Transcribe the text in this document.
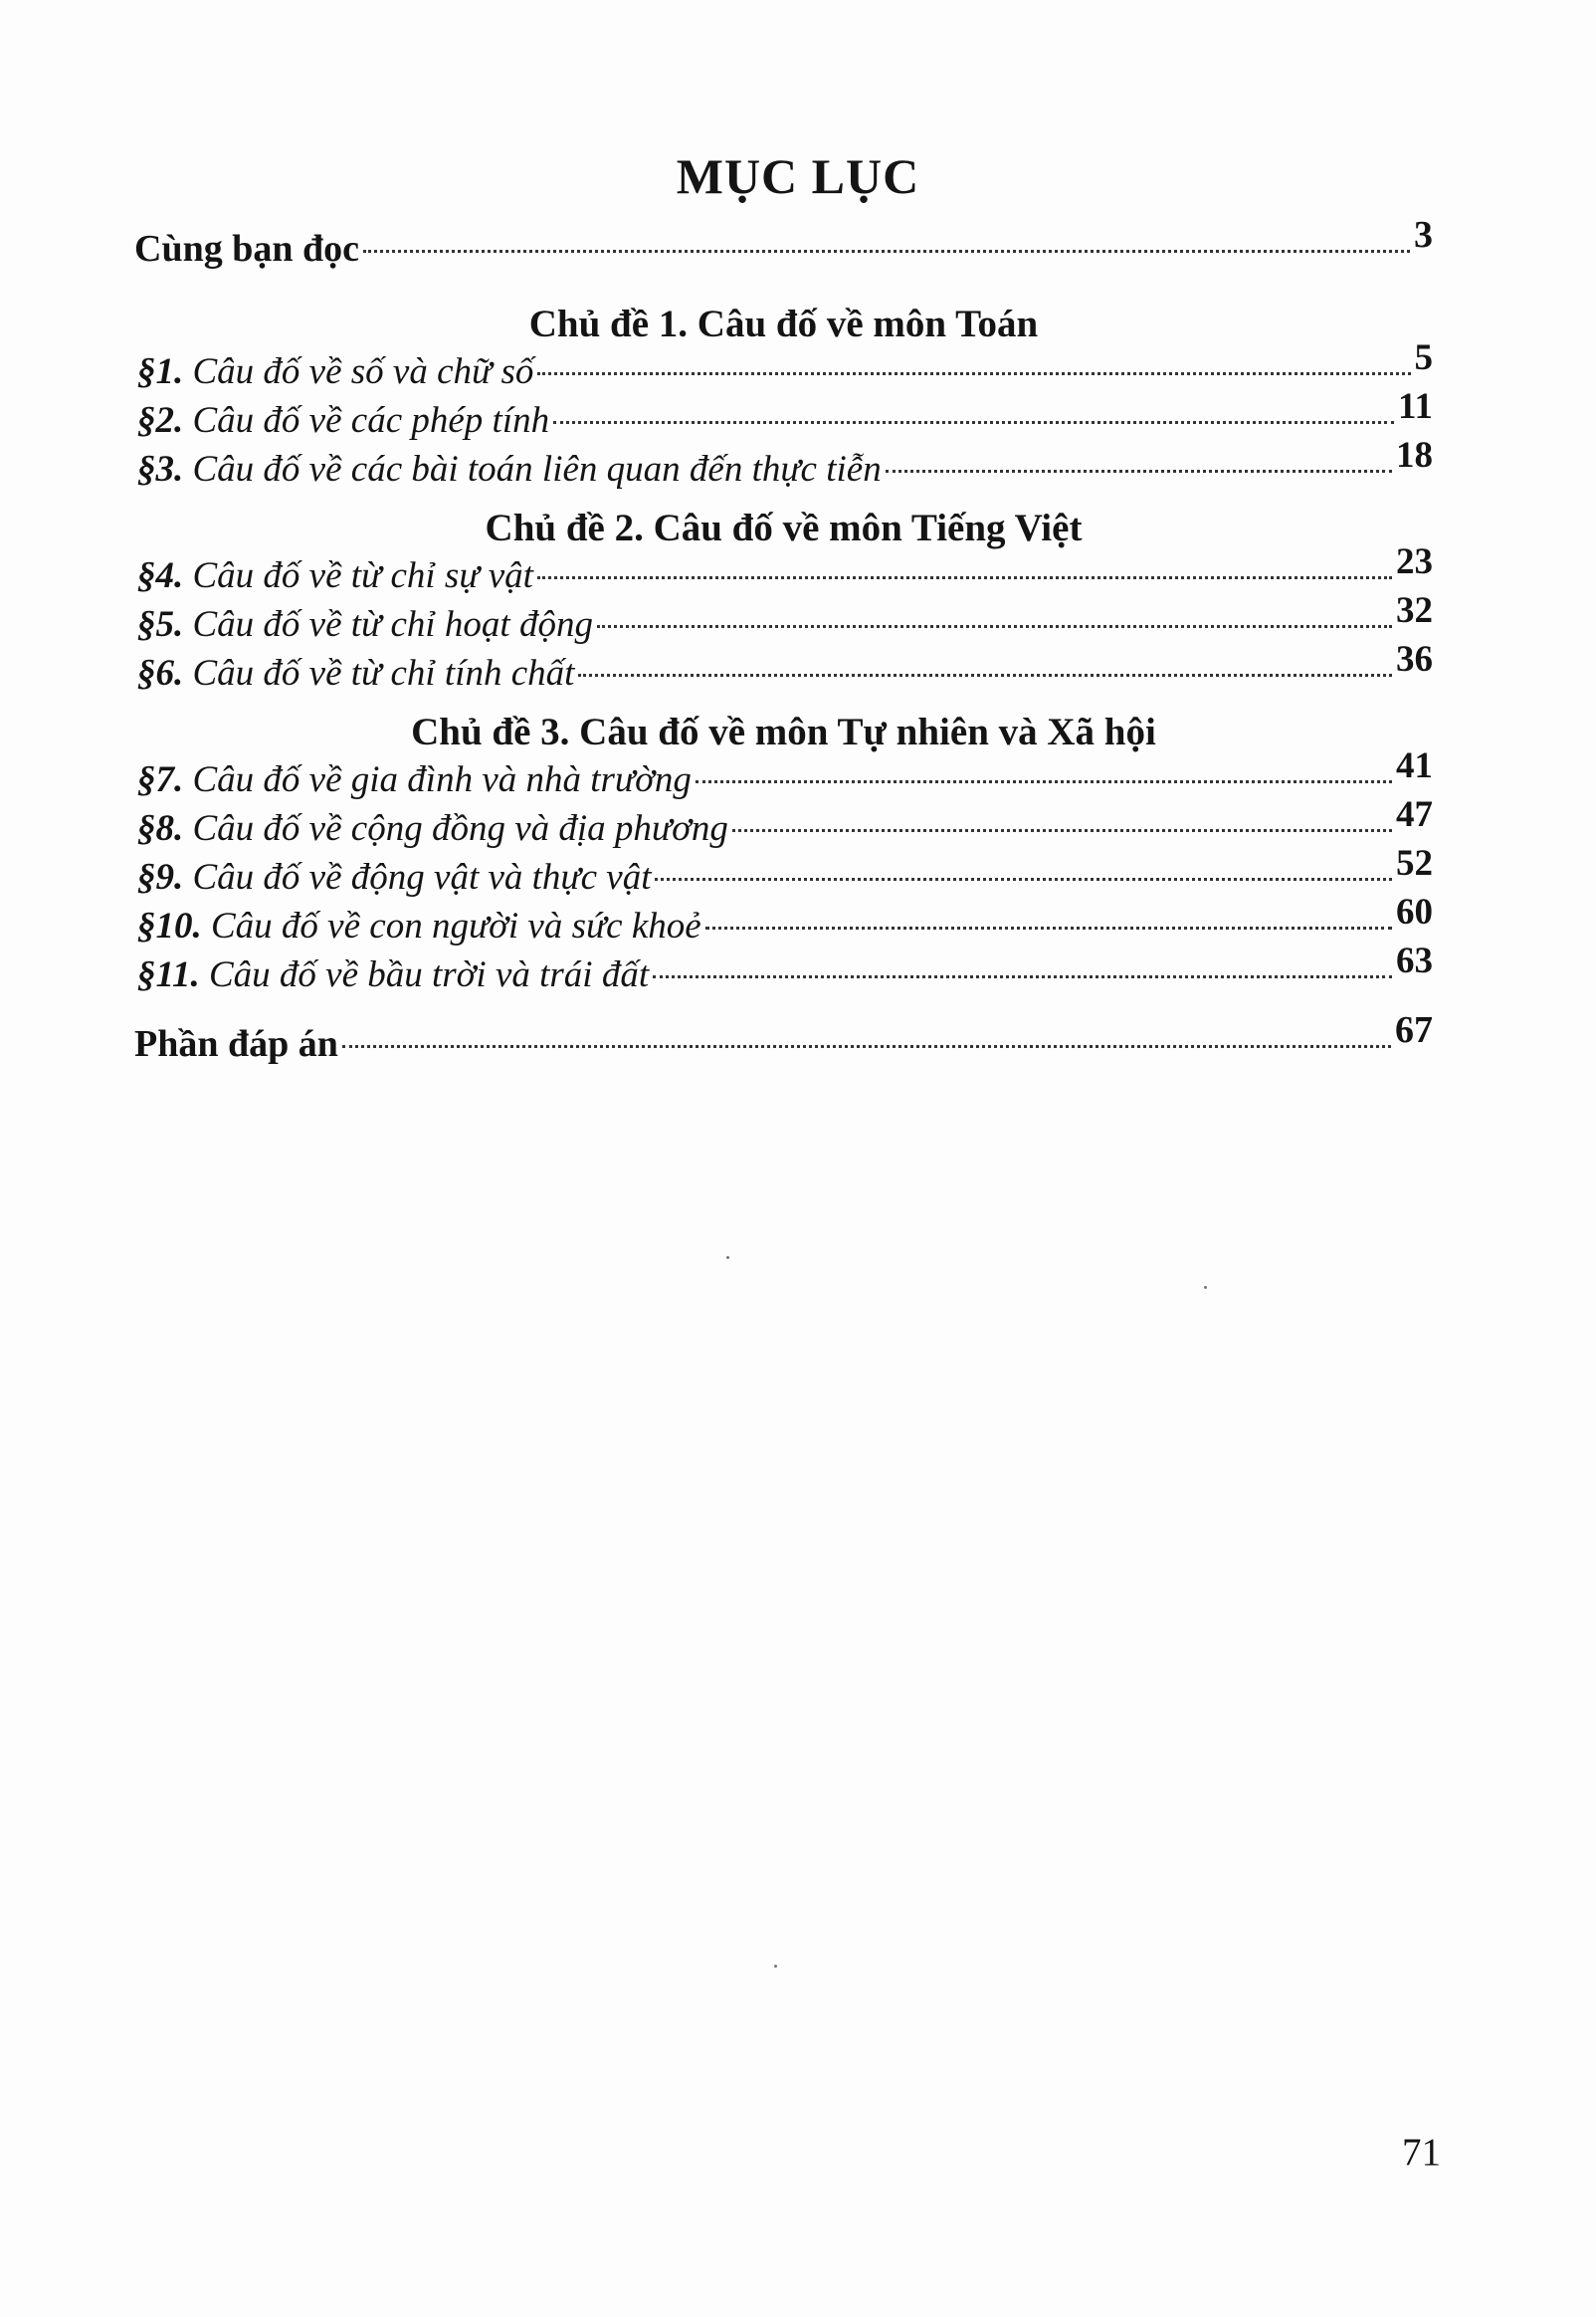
MỤC LỤC
Cùng bạn đọc	3
Chủ đề 1. Câu đố về môn Toán
§1. Câu đố về số và chữ số	5
§2. Câu đố về các phép tính	11
§3. Câu đố về các bài toán liên quan đến thực tiễn	18
Chủ đề 2. Câu đố về môn Tiếng Việt
§4. Câu đố về từ chỉ sự vật	23
§5. Câu đố về từ chỉ hoạt động	32
§6. Câu đố về từ chỉ tính chất	36
Chủ đề 3. Câu đố về môn Tự nhiên và Xã hội
§7. Câu đố về gia đình và nhà trường	41
§8. Câu đố về cộng đồng và địa phương	47
§9. Câu đố về động vật và thực vật	52
§10. Câu đố về con người và sức khoẻ	60
§11. Câu đố về bầu trời và trái đất	63
Phần đáp án	67
71
